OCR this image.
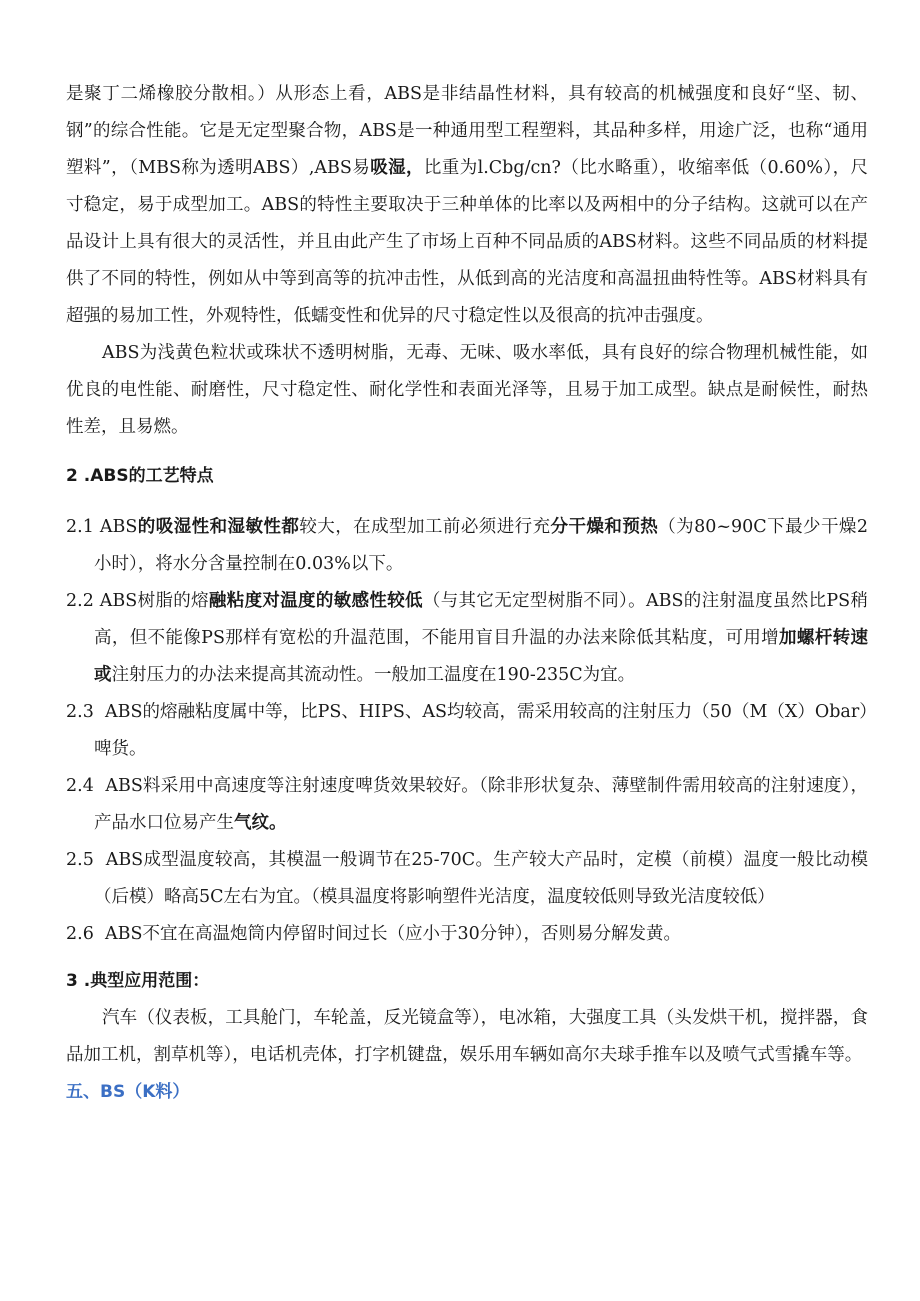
是聚丁二烯橡胶分散相。）从形态上看，ABS是非结晶性材料，具有较高的机械强度和良好“坚、韧、钢”的综合性能。它是无定型聚合物，ABS是一种通用型工程塑料，其品种多样，用途广泛，也称“通用塑料”，（MBS称为透明ABS）,ABS易吸湿，比重为l.Cbg/cn?（比水略重），收缩率低（0.60%），尺寸稳定，易于成型加工。ABS的特性主要取决于三种单体的比率以及两相中的分子结构。这就可以在产品设计上具有很大的灵活性，并且由此产生了市场上百种不同品质的ABS材料。这些不同品质的材料提供了不同的特性，例如从中等到高等的抗冲击性，从低到高的光洁度和高温扭曲特性等。ABS材料具有超强的易加工性，外观特性，低蠕变性和优异的尺寸稳定性以及很高的抗冲击强度。

ABS为浅黄色粒状或珠状不透明树脂，无毒、无味、吸水率低，具有良好的综合物理机械性能，如优良的电性能、耐磨性，尺寸稳定性、耐化学性和表面光泽等，且易于加工成型。缺点是耐候性，耐热性差，且易燃。

2 .ABS的工艺特点

2.1 ABS的吸湿性和湿敏性都较大，在成型加工前必须进行充分干燥和预热（为80~90C下最少干燥2小时），将水分含量控制在0.03%以下。

2.2 ABS树脂的熔融粘度对温度的敏感性较低（与其它无定型树脂不同）。ABS的注射温度虽然比PS稍高，但不能像PS那样有宽松的升温范围，不能用盲目升温的办法来除低其粘度，可用增加螺杆转速或注射压力的办法来提高其流动性。一般加工温度在190-235C为宜。

2.3 ABS的熔融粘度属中等，比PS、HIPS、AS均较高，需采用较高的注射压力（50（M（X）Obar）啤货。

2.4 ABS料采用中高速度等注射速度啤货效果较好。（除非形状复杂、薄壁制件需用较高的注射速度），产品水口位易产生气纹。

2.5 ABS成型温度较高，其模温一般调节在25-70C。生产较大产品时，定模（前模）温度一般比动模（后模）略高5C左右为宜。（模具温度将影响塑件光洁度，温度较低则导致光洁度较低）

2.6 ABS不宜在高温炮筒内停留时间过长（应小于30分钟），否则易分解发黄。

3 .典型应用范围：

汽车（仪表板，工具舱门，车轮盖，反光镜盒等），电冰箱，大强度工具（头发烘干机，搅拌器，食品加工机，割草机等），电话机壳体，打字机键盘，娱乐用车辆如高尔夫球手推车以及喷气式雪撬车等。

五、BS（K料）
